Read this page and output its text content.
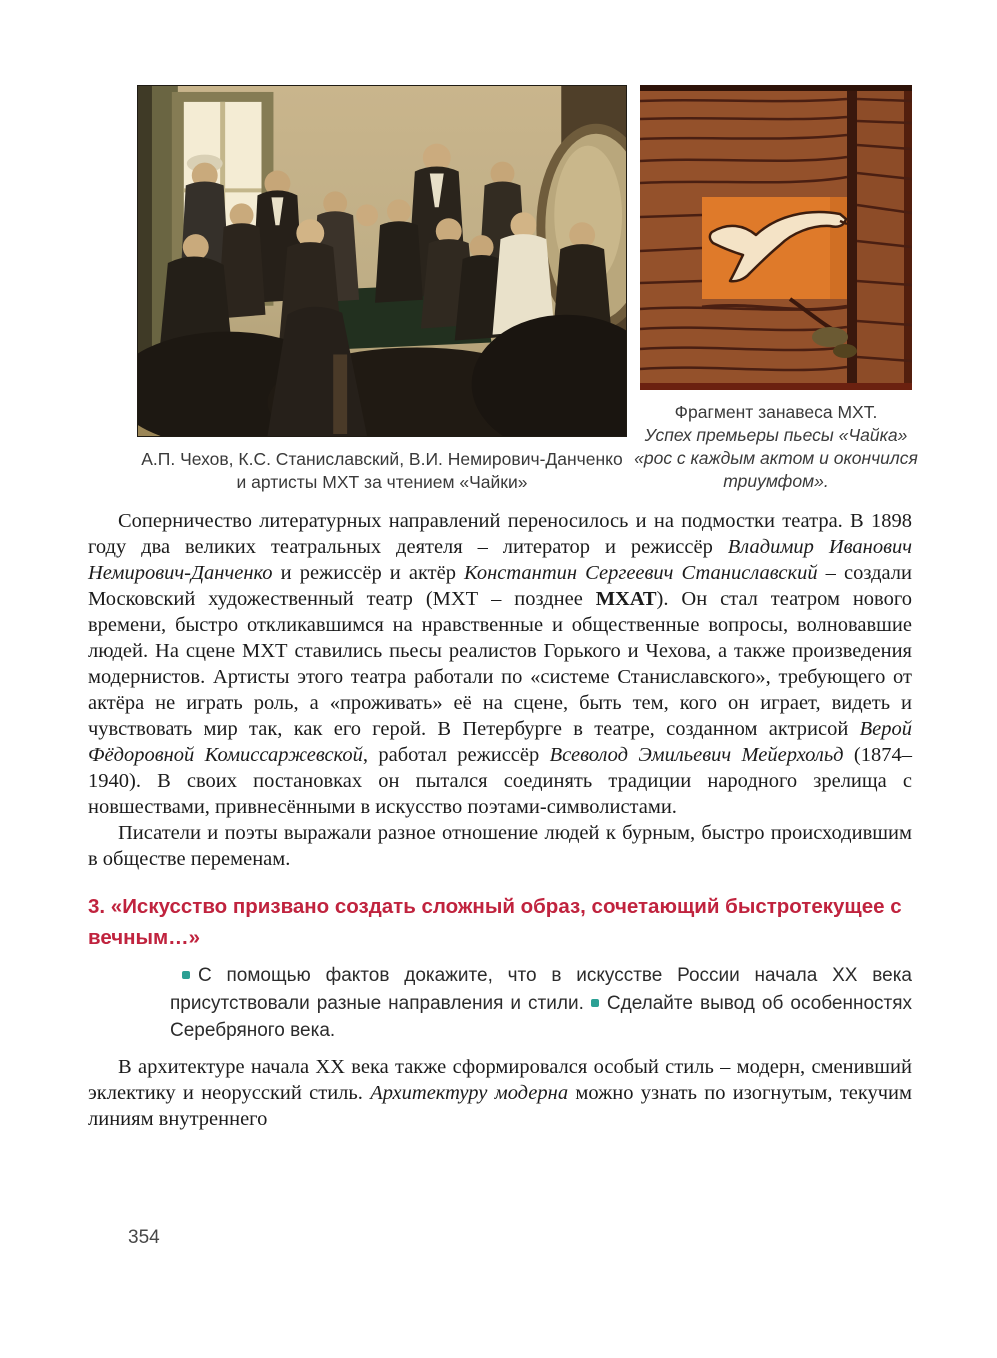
А.П. Чехов, К.С. Станиславский, В.И. Немирович-Данченко и артисты МХТ за чтением «Чайки»
Фрагмент занавеса МХТ.
Успех премьеры пьесы «Чайка» «рос с каждым актом и окончился триумфом».
Соперничество литературных направлений переносилось и на подмостки театра. В 1898 году два великих театральных деятеля – литератор и режиссёр Владимир Иванович Немирович-Данченко и режиссёр и актёр Константин Сергеевич Станиславский – создали Московский художественный театр (МХТ – позднее МХАТ). Он стал театром нового времени, быстро откликавшимся на нравственные и общественные вопросы, волновавшие людей. На сцене МХТ ставились пьесы реалистов Горького и Чехова, а также произведения модернистов. Артисты этого театра работали по «системе Станиславского», требующего от актёра не играть роль, а «проживать» её на сцене, быть тем, кого он играет, видеть и чувствовать мир так, как его герой. В Петербурге в театре, созданном актрисой Верой Фёдоровной Комиссаржевской, работал режиссёр Всеволод Эмильевич Мейерхольд (1874–1940). В своих постановках он пытался соединять традиции народного зрелища с новшествами, привнесёнными в искусство поэтами-символистами.
Писатели и поэты выражали разное отношение людей к бурным, быстро происходившим в обществе переменам.
3. «Искусство призвано создать сложный образ, сочетающий быстротекущее с вечным…»
С помощью фактов докажите, что в искусстве России начала XX века присутствовали разные направления и стили. Сделайте вывод об особенностях Серебряного века.
В архитектуре начала XX века также сформировался особый стиль – модерн, сменивший эклектику и неорусский стиль. Архитектуру модерна можно узнать по изогнутым, текучим линиям внутреннего
354
